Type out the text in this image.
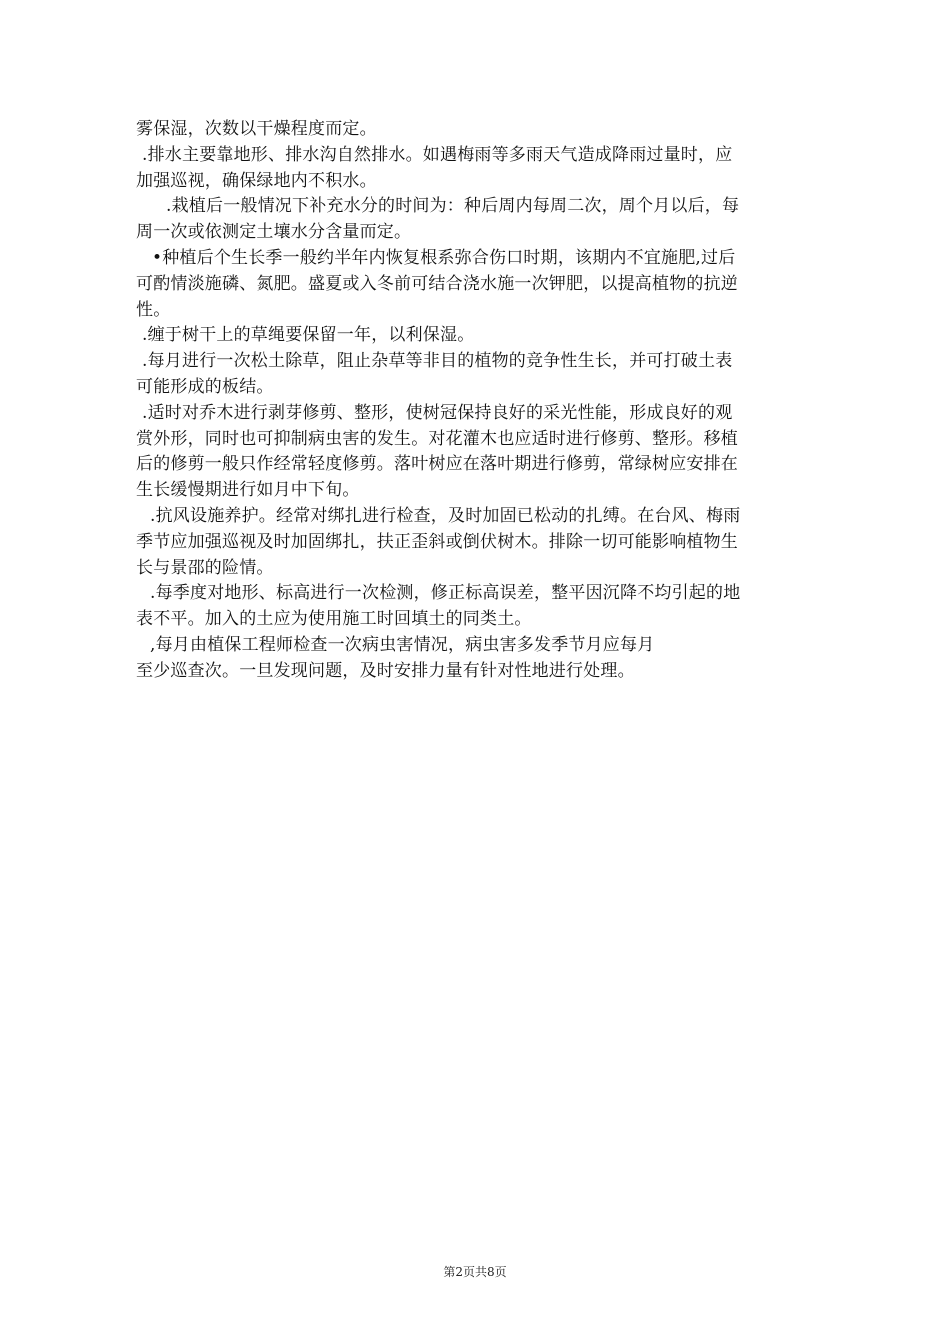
雾保湿，次数以干燥程度而定。
.排水主要靠地形、排水沟自然排水。如遇梅雨等多雨天气造成降雨过量时，应
加强巡视，确保绿地内不积水。
.栽植后一般情况下补充水分的时间为：种后周内每周二次，周个月以后，每
周一次或依测定土壤水分含量而定。
•种植后个生长季一般约半年内恢复根系弥合伤口时期，该期内不宜施肥,过后
可酌情淡施磷、氮肥。盛夏或入冬前可结合浇水施一次钾肥，以提高植物的抗逆
性。
.缠于树干上的草绳要保留一年，以利保湿。
.每月进行一次松土除草，阻止杂草等非目的植物的竞争性生长，并可打破土表
可能形成的板结。
.适时对乔木进行剥芽修剪、整形，使树冠保持良好的采光性能，形成良好的观
赏外形，同时也可抑制病虫害的发生。对花灌木也应适时进行修剪、整形。移植
后的修剪一般只作经常轻度修剪。落叶树应在落叶期进行修剪，常绿树应安排在
生长缓慢期进行如月中下旬。
.抗风设施养护。经常对绑扎进行检查，及时加固已松动的扎缚。在台风、梅雨
季节应加强巡视及时加固绑扎，扶正歪斜或倒伏树木。排除一切可能影响植物生
长与景邵的险情。
.每季度对地形、标高进行一次检测，修正标高误差，整平因沉降不均引起的地
表不平。加入的土应为使用施工时回填土的同类土。
,每月由植保工程师检查一次病虫害情况，病虫害多发季节月应每月
至少巡查次。一旦发现问题，及时安排力量有针对性地进行处理。
第2页共8页
